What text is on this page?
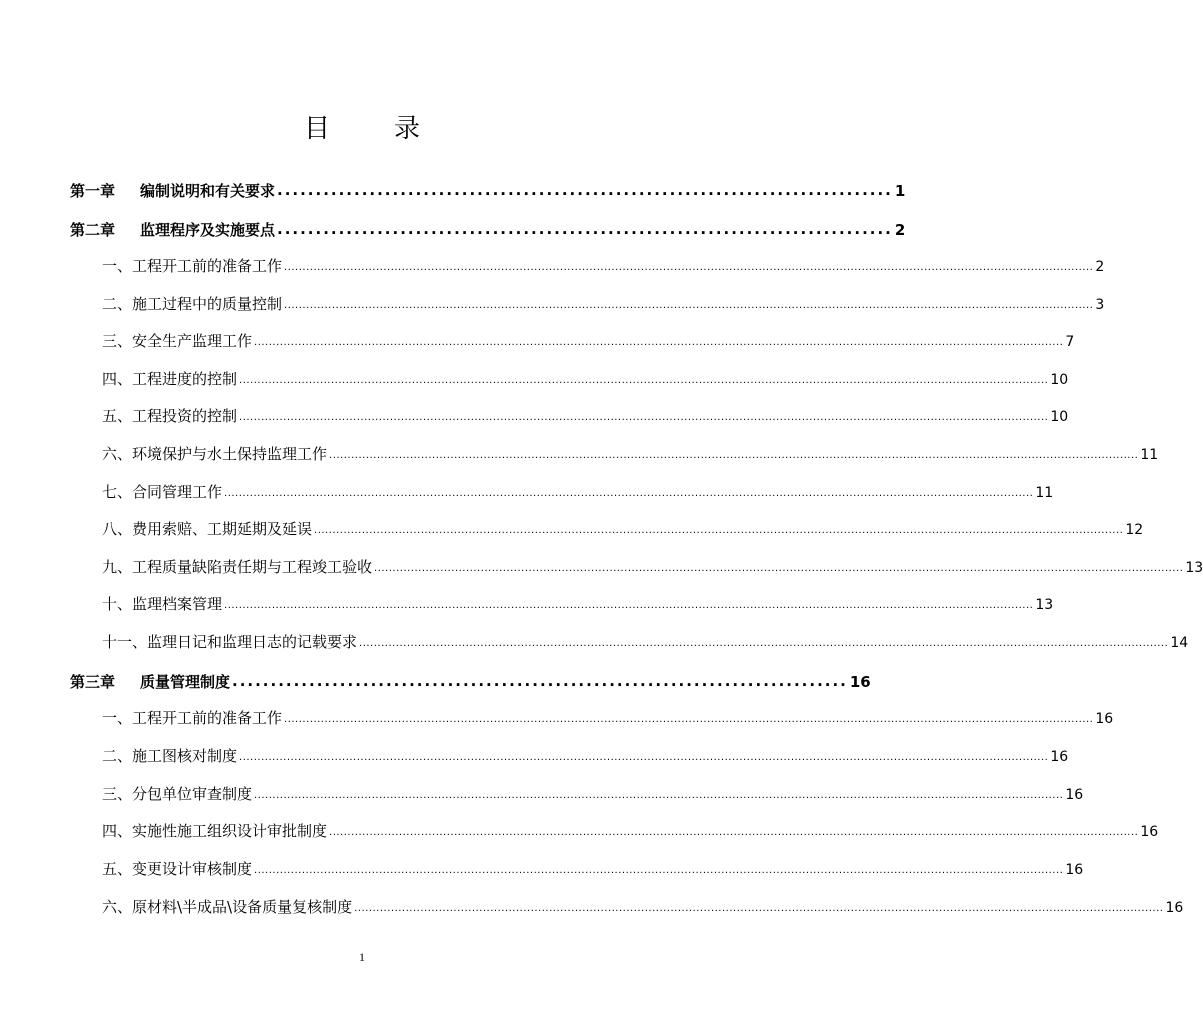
目 录
第一章 编制说明和有关要求 ................................................................................ 1
第二章 监理程序及实施要点 ................................................................................ 2
一、工程开工前的准备工作 ............................................................................................................................................................................................................................ 2
二、施工过程中的质量控制 ............................................................................................................................................................................................................................ 3
三、安全生产监理工作 ............................................................................................................................................................................................................................ 7
四、工程进度的控制 ............................................................................................................................................................................................................................ 10
五、工程投资的控制 ............................................................................................................................................................................................................................ 10
六、环境保护与水土保持监理工作 ............................................................................................................................................................................................................................ 11
七、合同管理工作 ............................................................................................................................................................................................................................ 11
八、费用索赔、工期延期及延误 ............................................................................................................................................................................................................................ 12
九、工程质量缺陷责任期与工程竣工验收 ............................................................................................................................................................................................................................ 13
十、监理档案管理 ............................................................................................................................................................................................................................ 13
十一、监理日记和监理日志的记载要求 ............................................................................................................................................................................................................................ 14
第三章 质量管理制度 ................................................................................ 16
一、工程开工前的准备工作 ............................................................................................................................................................................................................................ 16
二、施工图核对制度 ............................................................................................................................................................................................................................ 16
三、分包单位审查制度 ............................................................................................................................................................................................................................ 16
四、实施性施工组织设计审批制度 ............................................................................................................................................................................................................................ 16
五、变更设计审核制度 ............................................................................................................................................................................................................................ 16
六、原材料\半成品\设备质量复核制度 ............................................................................................................................................................................................................................ 16
1
